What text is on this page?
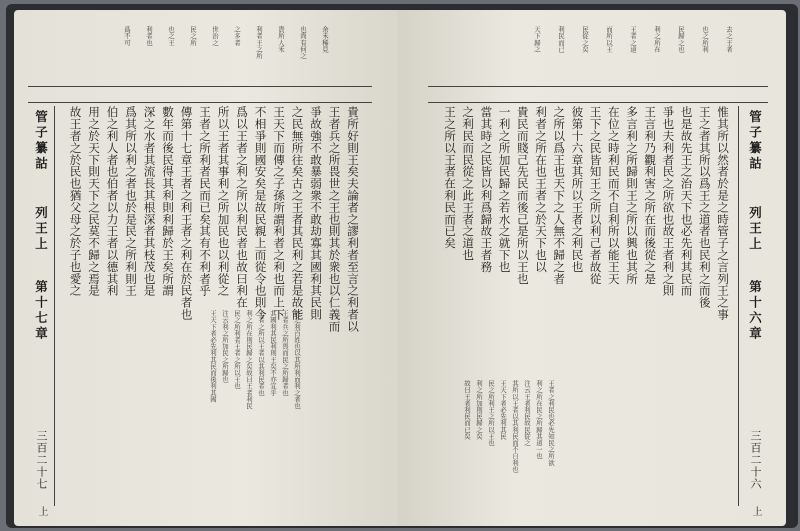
余禾稀見
也尚有何之
貴所人禾
利者王之所
之多者
世治之
民之所
也之王
利者也
爲不可
管子纂詁
列王上
第十七章
三百二十七
上
貴所好則王矣夫論者之謬利者至言之利者以
王者兵之所畏世之王也則其於衆也以仁義而
爭故強不敢暴弱衆不敢劫寡其國利其民則
之民無所往矣古之王者其民利之若是故能
王天下而傳之子孫所謂利者之利也而上下
不相爭則國安矣是故民親上而從令也則今
爲以王者之利之所以利民者也故曰利在
所以王者其事利之所加民也以利從之
王者之所利者民而已矣其有不利者乎
傳第十七章王者之利王者之利在於民者也
數年而後民得其利則利歸於王矣所謂
深之水者其流長其根深者其枝茂也是
爲其所以利之者也於是民之所利則王
伯之利人者也伯者以力王者以德其利
用之於天下則天下之民莫不歸之焉是
故王者之於民也猶父母之於子也愛之
彼之利百姓也以其所利而利之者也
王者兵之所畏而民之所歸者也
其國利其民利則王矣不亦宜乎
王者之所以王者以其利民者也
利之所在則民歸之矣故曰王者利民
民之所利者王者之所以王也
注云利之所加民之所歸也
王天下者必先利其民而後利其國
去之王者
也之所利
民歸之也
利之所在
王者之道
而所以王
民從之矣
利民而已
天下歸之
惟其所以然者於是之時管子之言列王之事
王之者其所以爲王之道者也民利之而後
也是故先王之治天下也必先利其民而
爭也夫利者民之所欲也故王者利之則
王言利乃觀利害之所在而後從之是
多言利之所歸則王之所以興也其所
在位之時利民而不自利所以能王天
王下之民皆知王之所以利己者故從
彼第十六章其所以王者之利民也
之所以爲王也天下之人無不歸之者
利者之所在也王者之於天下也以
貴民而賤己先民而後己是所以王也
一利之所加民歸之若水之就下也
當其時之民皆以利爲歸故王者務
之利民而民從之此王者之道也
王之所以王者在利民而已矣
王者之利民也必先知民之所欲
利之所在民之所歸其道一也
注云王者利民故民從之
其所以王者以其利民而不自利也
王天下者必先利其民
民之所利王之所以王也
利之所加則民歸之矣
故曰王者利民而已矣
管子纂詁
列王上
第十六章
三百二十六
上
